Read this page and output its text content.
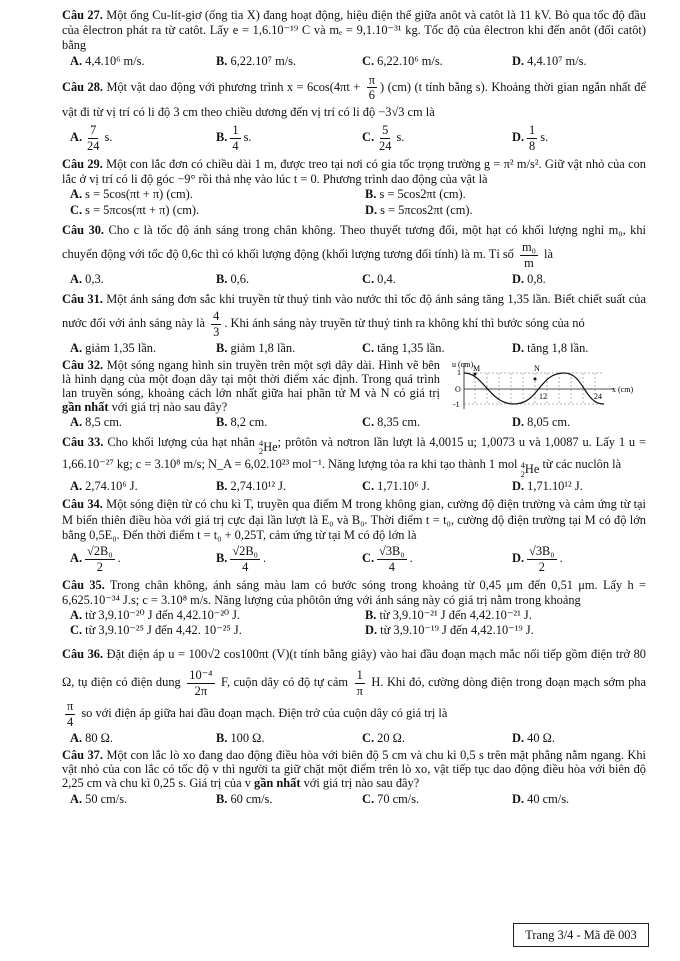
Câu 27. Một ống Cu-lít-giơ (ống tia X) đang hoạt động, hiệu điện thế giữa anôt và catôt là 11 kV. Bỏ qua tốc độ đầu của êlectron phát ra từ catôt. Lấy e = 1,6.10⁻¹⁹ C và mₑ = 9,1.10⁻³¹ kg. Tốc độ của êlectron khi đến anôt (đối catôt) bằng
A. 4,4.10⁶ m/s.	B. 6,22.10⁷ m/s.	C. 6,22.10⁶ m/s.	D. 4,4.10⁷ m/s.
Câu 28. Một vật dao động với phương trình $x = 6\cos(4\pi t + \frac{\pi}{6}$ ) (cm) (t tính bằng s). Khoảng thời gian ngắn nhất để vật đi từ vị trí có li độ 3 cm theo chiều dương đến vị trí có li độ −3√3 cm là
A. $\frac{7}{24} s$.	B. $\frac{1}{4} s$.	C. $\frac{5}{24} s$.	D. $\frac{1}{8} s$.
Câu 29. Một con lắc đơn có chiều dài 1 m, được treo tại nơi có gia tốc trọng trường g = π² m/s². Giữ vật nhỏ của con lắc ở vị trí có li độ góc −9° rồi thả nhẹ vào lúc t = 0. Phương trình dao động của vật là
A. s = 5cos(πt + π) (cm).	B. s = 5cos2πt (cm).
C. s = 5πcos(πt + π) (cm).	D. s = 5πcos2πt (cm).
Câu 30. Cho c là tốc độ ánh sáng trong chân không. Theo thuyết tương đối, một hạt có khối lượng nghỉ m₀, khi chuyển động với tốc độ 0,6c thì có khối lượng động (khối lượng tương đối tính) là m. Tỉ số $\frac{\text{m₀}}{m}$ là
A. 0,3.	B. 0,6.	C. 0,4.	D. 0,8.
Câu 31. Một ánh sáng đơn sắc khi truyền từ thuỷ tinh vào nước thì tốc độ ánh sáng tăng 1,35 lần. Biết chiết suất của nước đối với ánh sáng này là $\frac{4}{3}$ . Khi ánh sáng này truyền từ thuỷ tinh ra không khí thì bước sóng của nó
A. giảm 1,35 lần.	B. giảm 1,8 lần.	C. tăng 1,35 lần.	D. tăng 1,8 lần.
Câu 32. Một sóng ngang hình sin truyền trên một sợi dây dài. Hình vẽ bên là hình dạng của một đoạn dây tại một thời điểm xác định. Trong quá trình lan truyền sóng, khoảng cách lớn nhất giữa hai phần tử M và N có giá trị gần nhất với giá trị nào sau đây?
u (cm)
x (cm)
1
O
-1
M	N
12	24
A. 8,5 cm.	B. 8,2 cm.	C. 8,35 cm.	D. 8,05 cm.
Câu 33. Cho khối lượng của hạt nhân 4
2 He ; prôtôn và nơtron lần lượt là 4,0015 u; 1,0073 u và 1,0087 u. Lấy 1 u = 1,66.10⁻²⁷ kg; c = 3.10⁸ m/s; N_A = 6,02.10²³ mol⁻¹. Năng lượng tỏa ra khi tạo thành 1 mol 4
2 He từ các nuclôn là
A. 2,74.10⁶ J.	B. 2,74.10¹² J.	C. 1,71.10⁶ J.	D. 1,71.10¹² J.
Câu 34. Một sóng điện từ có chu kì T, truyền qua điểm M trong không gian, cường độ điện trường và cảm ứng từ tại M biến thiên điều hòa với giá trị cực đại lần lượt là E₀ và B₀. Thời điểm t = t₀, cường độ điện trường tại M có độ lớn bằng 0,5E₀. Đến thời điểm t = t₀ + 0,25T, cảm ứng từ tại M có độ lớn là
A. $\frac{\text{√2B₀}}{2}$ .	B. $\frac{\text{√2B₀}}{4}$ .	C. $\frac{\text{√3B₀}}{4}$ .	D. $\frac{\text{√3B₀}}{2}$ .
Câu 35. Trong chân không, ánh sáng màu lam có bước sóng trong khoảng từ 0,45 μm đến 0,51 μm. Lấy h = 6,625.10⁻³⁴ J.s; c = 3.10⁸ m/s. Năng lượng của phôtôn ứng với ánh sáng này có giá trị nằm trong khoảng
A. từ 3,9.10⁻²⁰ J đến 4,42.10⁻²⁰ J.	B. từ 3,9.10⁻²¹ J đến 4,42.10⁻²¹ J.
C. từ 3,9.10⁻²⁵ J đến 4,42. 10⁻²⁵ J.	D. từ 3,9.10⁻¹⁹ J đến 4,42.10⁻¹⁹ J.
Câu 36. Đặt điện áp u = 100√2 cos100πt (V)(t tính bằng giây) vào hai đầu đoạn mạch mắc nối tiếp gồm điện trở 80 Ω, tụ điện có điện dung $\frac{\text{10⁻⁴}}{2\pi} F$, cuộn dây có độ tự cảm $\frac{1}{\pi} H$. Khi đó, cường dòng điện trong đoạn mạch sớm pha
$\frac{\pi}{4}$ so với điện áp giữa hai đầu đoạn mạch. Điện trở của cuộn dây có giá trị là
A. 80 Ω.	B. 100 Ω.	C. 20 Ω.	D. 40 Ω.
Câu 37. Một con lắc lò xo đang dao động điều hòa với biên độ 5 cm và chu kì 0,5 s trên mặt phẳng nằm ngang. Khi vật nhỏ của con lắc có tốc độ v thì người ta giữ chặt một điểm trên lò xo, vật tiếp tục dao động điều hòa với biên độ 2,25 cm và chu kì 0,25 s. Giá trị của v gần nhất với giá trị nào sau đây?
A. 50 cm/s.	B. 60 cm/s.	C. 70 cm/s.	D. 40 cm/s.
Trang 3/4 - Mã đề 003
